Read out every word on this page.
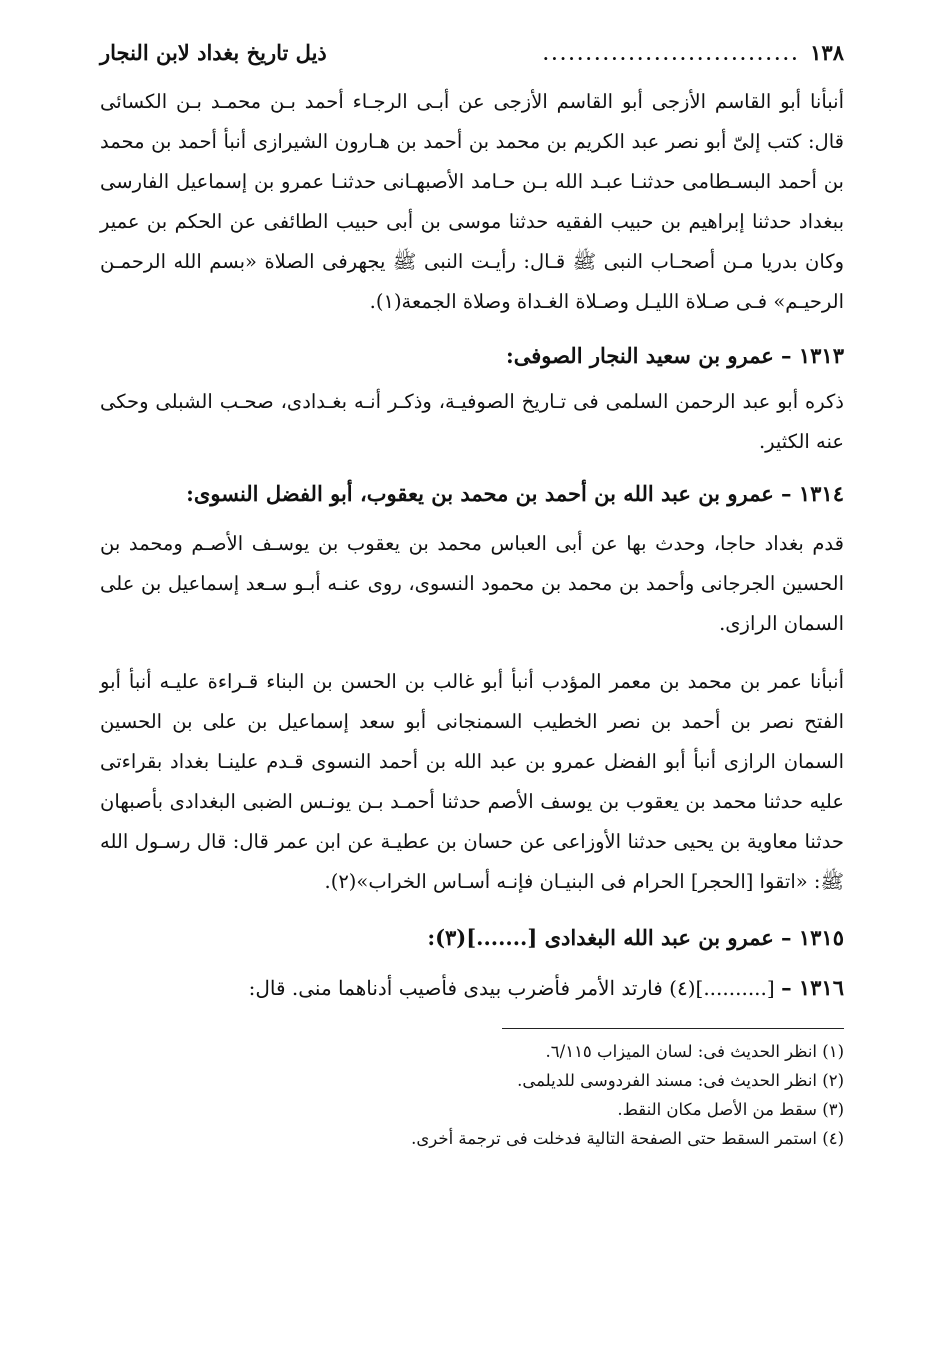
١٣٨
..............................
ذيل تاريخ بغداد لابن النجار

أنبأنا أبو القاسم الأزجى أبو القاسم الأزجى عن أبـى الرجـاء أحمد بـن محمـد بـن الكسائى قال: كتب إلىّ أبو نصر عبد الكريم بن محمد بن أحمد بن هـارون الشيرازى أنبأ أحمد بن محمد بن أحمد البسـطامى حدثنـا عبـد الله بـن حـامد الأصبهـانى حدثنـا عمرو بن إسماعيل الفارسى ببغداد حدثنا إبراهيم بن حبيب الفقيه حدثنا موسى بن أبى حبيب الطائفى عن الحكم بن عمير وكان بدريا مـن أصحـاب النبى ﷺ قـال: رأيـت النبى ﷺ يجهرفى الصلاة «بسم الله الرحمـن الرحيـم» فـى صـلاة الليـل وصـلاة الغـداة وصلاة الجمعة(١).

١٣١٣ – عمرو بن سعيد النجار الصوفى:

ذكره أبو عبد الرحمن السلمى فى تـاريخ الصوفيـة، وذكـر أنـه بغـدادى، صحـب الشبلى وحكى عنه الكثير.

١٣١٤ – عمرو بن عبد الله بن أحمد بن محمد بن يعقوب، أبو الفضل النسوى:

قدم بغداد حاجا، وحدث بها عن أبى العباس محمد بن يعقوب بن يوسـف الأصـم ومحمد بن الحسين الجرجانى وأحمد بن محمد بن محمود النسوى، روى عنـه أبـو سـعد إسماعيل بن على السمان الرازى.

أنبأنا عمر بن محمد بن معمر المؤدب أنبأ أبو غالب بن الحسن بن البناء قـراءة عليـه أنبأ أبو الفتح نصر بن أحمد بن نصر الخطيب السمنجانى أبو سعد إسماعيل بن على بن الحسين السمان الرازى أنبأ أبو الفضل عمرو بن عبد الله بن أحمد النسوى قـدم علينـا بغداد بقراءتى عليه حدثنا محمد بن يعقوب بن يوسف الأصم حدثنا أحمـد بـن يونـس الضبى البغدادى بأصبهان حدثنا معاوية بن يحيى حدثنا الأوزاعى عن حسان بن عطيـة عن ابن عمر قال: قال رسـول الله ﷺ: «اتقوا [الحجر] الحرام فى البنيـان فإنـه أسـاس الخراب»(٢).

١٣١٥ – عمرو بن عبد الله البغدادى [.......](٣):

١٣١٦ – [..........](٤) فارتد الأمر فأضرب بيدى فأصيب أدناهما منى. قال:

(١) انظر الحديث فى: لسان الميزاب ٦/١١٥.
(٢) انظر الحديث فى: مسند الفردوسى للديلمى.
(٣) سقط من الأصل مكان النقط.
(٤) استمر السقط حتى الصفحة التالية فدخلت فى ترجمة أخرى.
